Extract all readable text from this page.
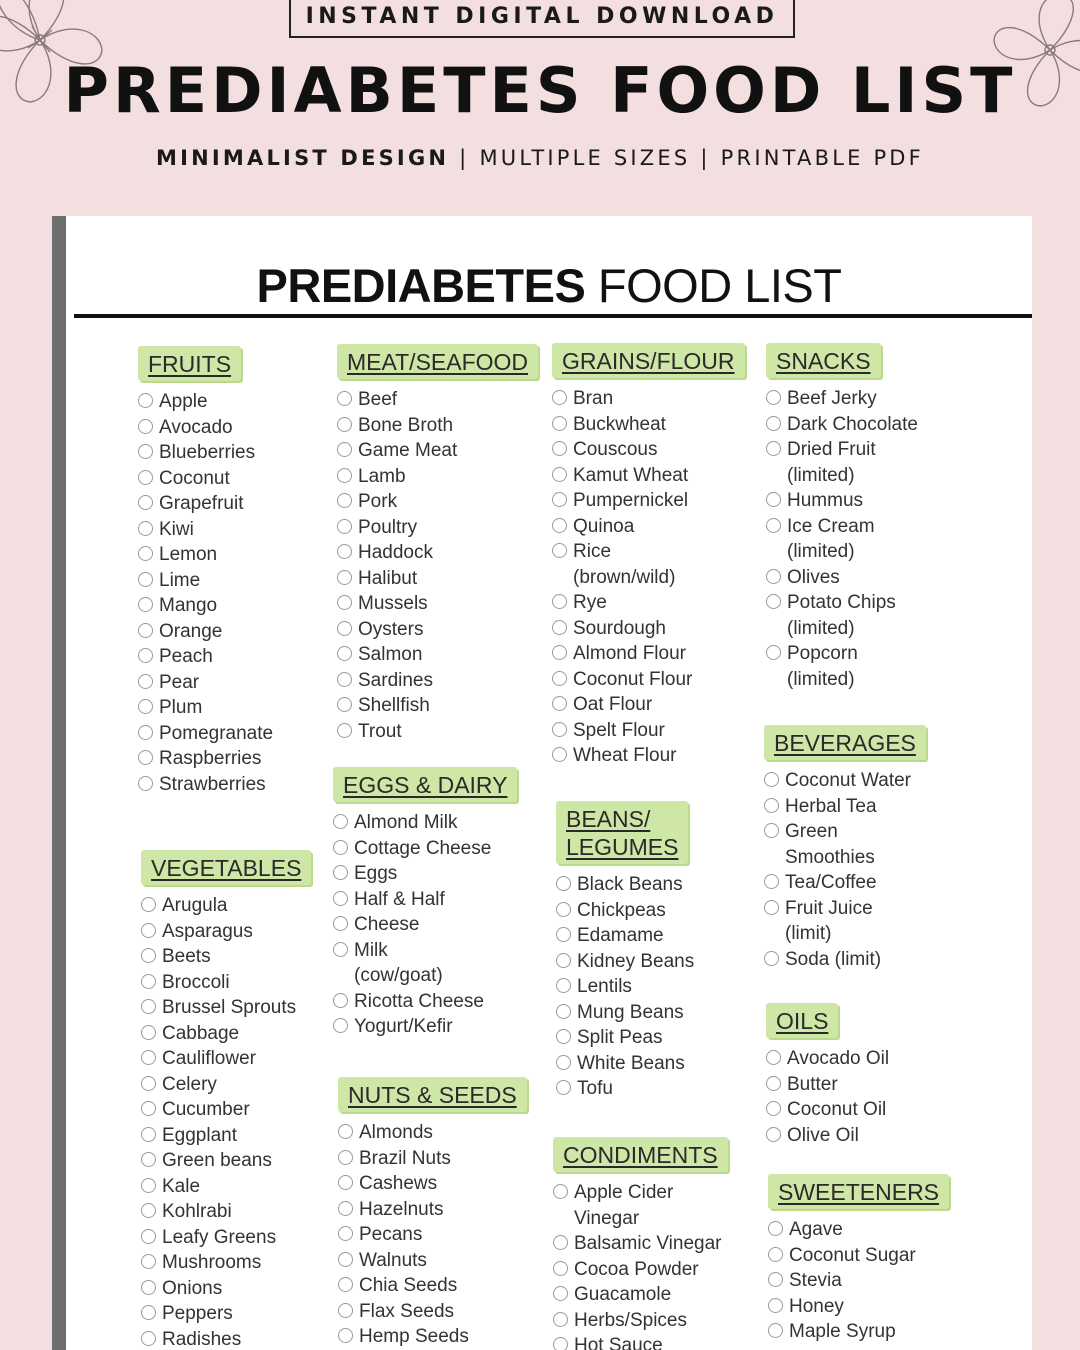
INSTANT DIGITAL DOWNLOAD
PREDIABETES FOOD LIST
MINIMALIST DESIGN | MULTIPLE SIZES | PRINTABLE PDF
PREDIABETES FOOD LIST
FRUITS
Apple
Avocado
Blueberries
Coconut
Grapefruit
Kiwi
Lemon
Lime
Mango
Orange
Peach
Pear
Plum
Pomegranate
Raspberries
Strawberries
VEGETABLES
Arugula
Asparagus
Beets
Broccoli
Brussel Sprouts
Cabbage
Cauliflower
Celery
Cucumber
Eggplant
Green beans
Kale
Kohlrabi
Leafy Greens
Mushrooms
Onions
Peppers
Radishes
MEAT/SEAFOOD
Beef
Bone Broth
Game Meat
Lamb
Pork
Poultry
Haddock
Halibut
Mussels
Oysters
Salmon
Sardines
Shellfish
Trout
EGGS & DAIRY
Almond Milk
Cottage Cheese
Eggs
Half & Half
Cheese
Milk
(cow/goat)
Ricotta Cheese
Yogurt/Kefir
NUTS & SEEDS
Almonds
Brazil Nuts
Cashews
Hazelnuts
Pecans
Walnuts
Chia Seeds
Flax Seeds
Hemp Seeds
GRAINS/FLOUR
Bran
Buckwheat
Couscous
Kamut Wheat
Pumpernickel
Quinoa
Rice
(brown/wild)
Rye
Sourdough
Almond Flour
Coconut Flour
Oat Flour
Spelt Flour
Wheat Flour
BEANS/
LEGUMES
Black Beans
Chickpeas
Edamame
Kidney Beans
Lentils
Mung Beans
Split Peas
White Beans
Tofu
CONDIMENTS
Apple Cider
Vinegar
Balsamic Vinegar
Cocoa Powder
Guacamole
Herbs/Spices
Hot Sauce
SNACKS
Beef Jerky
Dark Chocolate
Dried Fruit
(limited)
Hummus
Ice Cream
(limited)
Olives
Potato Chips
(limited)
Popcorn
(limited)
BEVERAGES
Coconut Water
Herbal Tea
Green
Smoothies
Tea/Coffee
Fruit Juice
(limit)
Soda (limit)
OILS
Avocado Oil
Butter
Coconut Oil
Olive Oil
SWEETENERS
Agave
Coconut Sugar
Stevia
Honey
Maple Syrup
